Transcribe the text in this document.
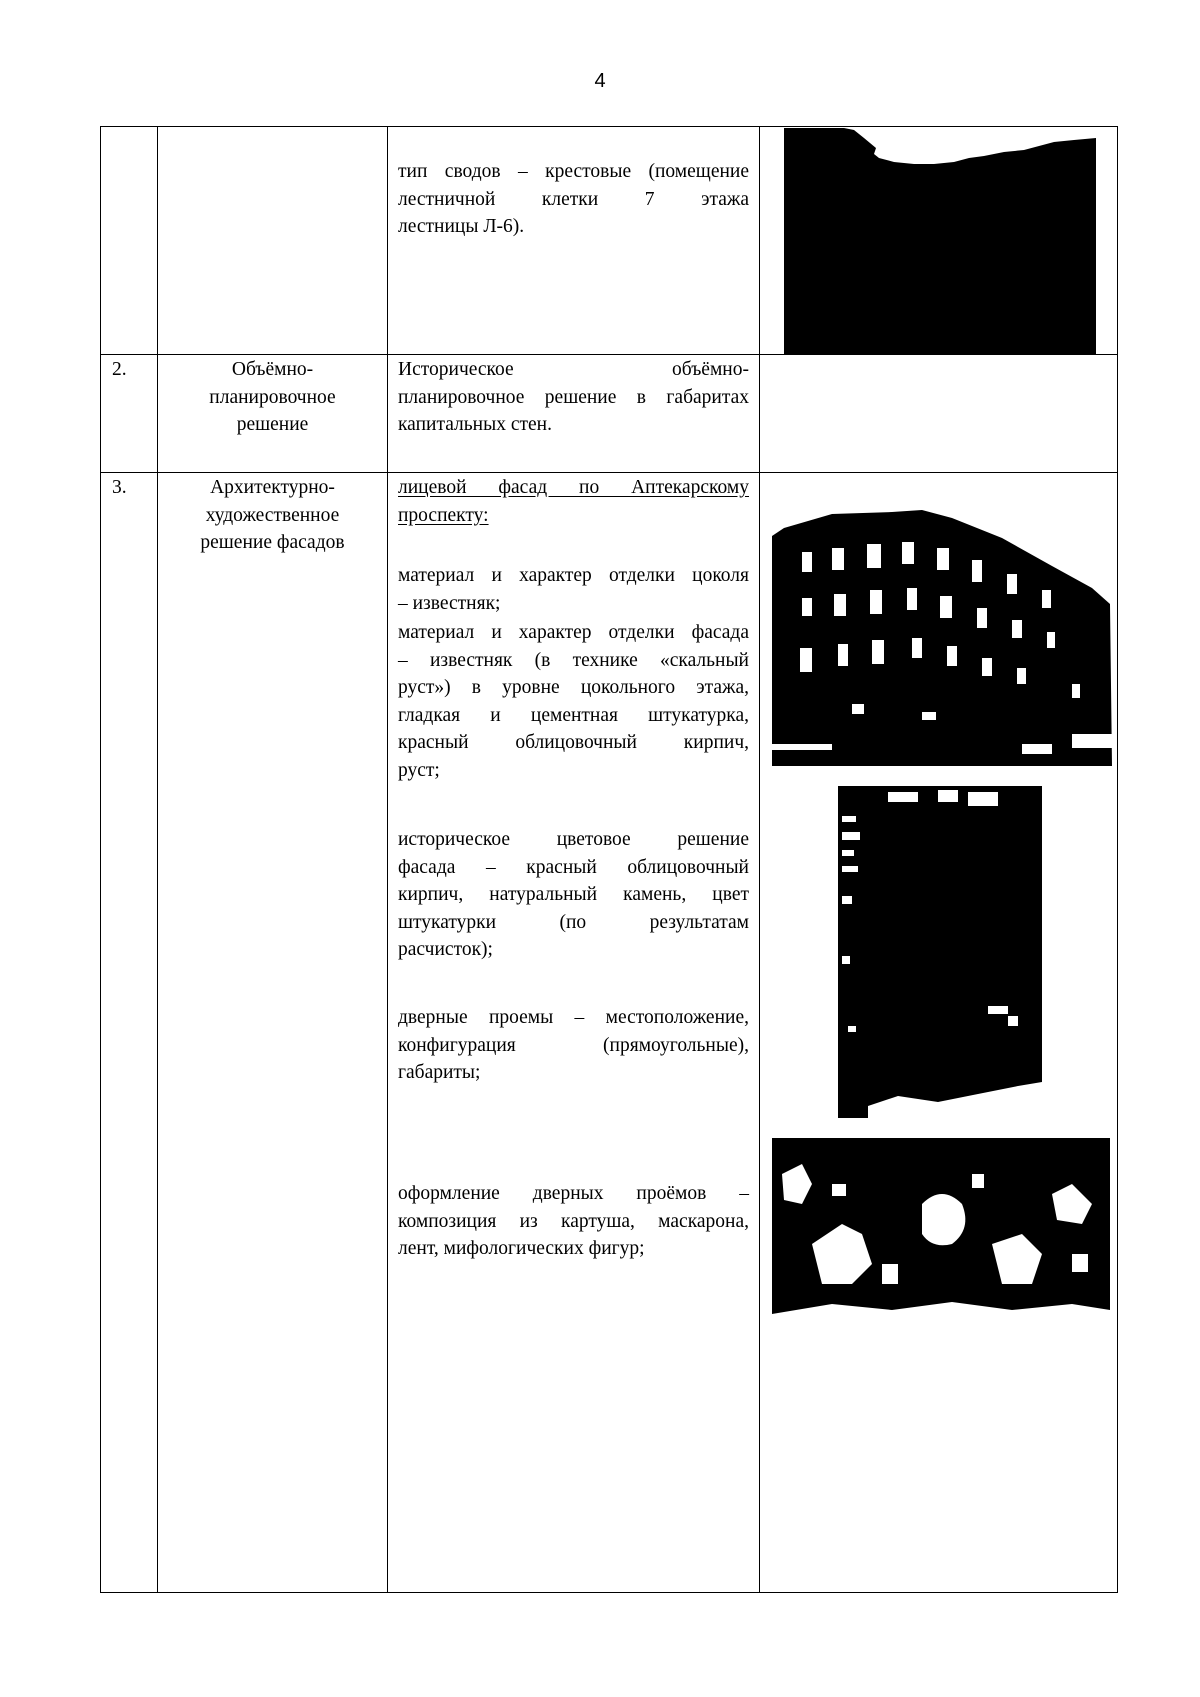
4
тип сводов – крестовые (помещение
лестничной клетки 7 этажа
лестницы Л-6).
2.	Объёмно-
планировочное
решение
Историческое объёмно-
планировочное решение в габаритах
капитальных стен.
3.	Архитектурно-
художественное
решение фасадов
лицевой фасад по Аптекарскому
проспекту:
материал и характер отделки цоколя
– известняк;
материал и характер отделки фасада
– известняк (в технике «скальный
руст») в уровне цокольного этажа,
гладкая и цементная штукатурка,
красный облицовочный кирпич,
руст;
историческое цветовое решение
фасада – красный облицовочный
кирпич, натуральный камень, цвет
штукатурки (по результатам
расчисток);
дверные проемы – местоположение,
конфигурация (прямоугольные),
габариты;
оформление дверных проёмов –
композиция из картуша, маскарона,
лент, мифологических фигур;
